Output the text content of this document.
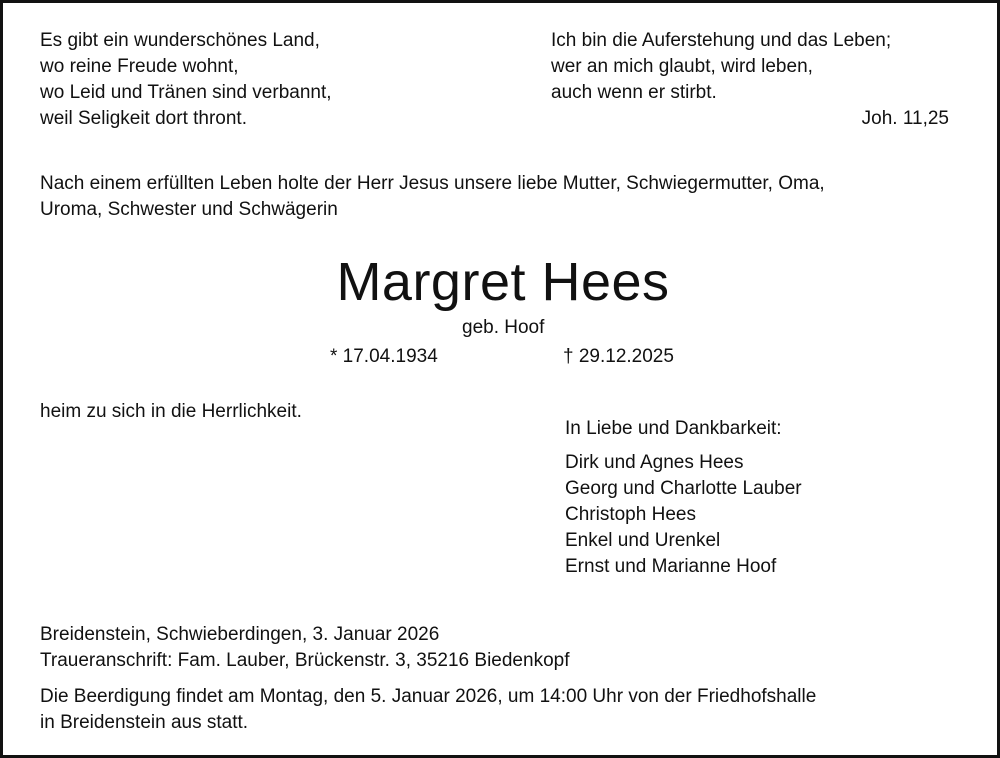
Es gibt ein wunderschönes Land,
wo reine Freude wohnt,
wo Leid und Tränen sind verbannt,
weil Seligkeit dort thront.
Ich bin die Auferstehung und das Leben;
wer an mich glaubt, wird leben,
auch wenn er stirbt.
Joh. 11,25
Nach einem erfüllten Leben holte der Herr Jesus unsere liebe Mutter, Schwiegermutter, Oma,
Uroma, Schwester und Schwägerin
Margret Hees
geb. Hoof
* 17.04.1934	† 29.12.2025
heim zu sich in die Herrlichkeit.
In Liebe und Dankbarkeit:
Dirk und Agnes Hees
Georg und Charlotte Lauber
Christoph Hees
Enkel und Urenkel
Ernst und Marianne Hoof
Breidenstein, Schwieberdingen, 3. Januar 2026
Traueranschrift: Fam. Lauber, Brückenstr. 3, 35216 Biedenkopf
Die Beerdigung findet am Montag, den 5. Januar 2026, um 14:00 Uhr von der Friedhofshalle
in Breidenstein aus statt.
